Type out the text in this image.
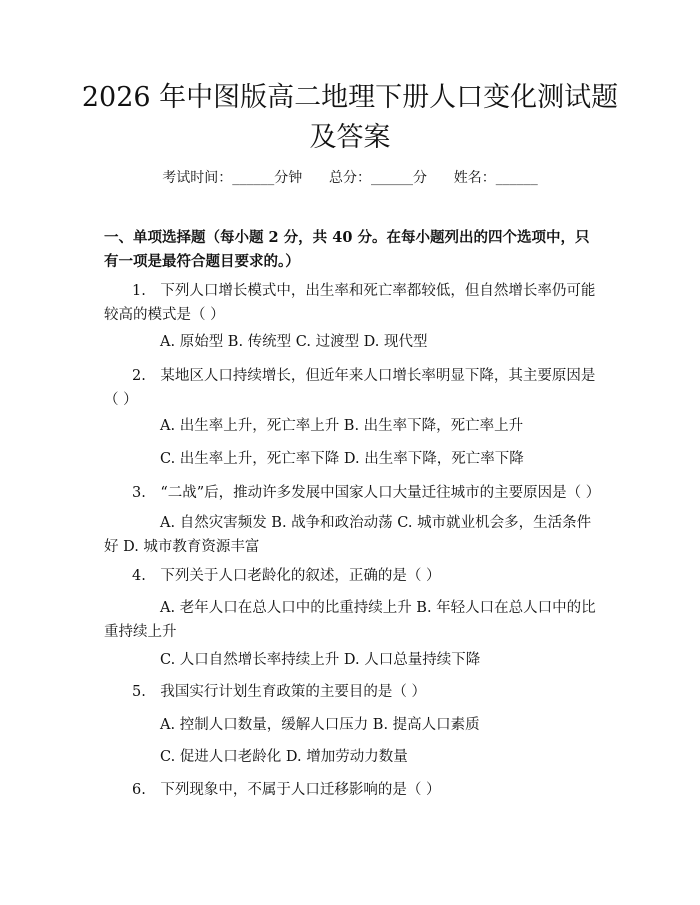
2026 年中图版高二地理下册人口变化测试题
及答案
考试时间：______分钟      总分：______分      姓名：______

一、单项选择题（每小题 2 分，共 40 分。在每小题列出的四个选项中，只有一项是最符合题目要求的。）

1.　下列人口增长模式中，出生率和死亡率都较低，但自然增长率仍可能较高的模式是（ ）

A. 原始型 B. 传统型 C. 过渡型 D. 现代型

2.　某地区人口持续增长，但近年来人口增长率明显下降，其主要原因是（ ）

A. 出生率上升，死亡率上升 B. 出生率下降，死亡率上升

C. 出生率上升，死亡率下降 D. 出生率下降，死亡率下降

3.　“二战”后，推动许多发展中国家人口大量迁往城市的主要原因是（ ）

A. 自然灾害频发 B. 战争和政治动荡 C. 城市就业机会多，生活条件好 D. 城市教育资源丰富

4.　下列关于人口老龄化的叙述，正确的是（ ）

A. 老年人口在总人口中的比重持续上升 B. 年轻人口在总人口中的比重持续上升

C. 人口自然增长率持续上升 D. 人口总量持续下降

5.　我国实行计划生育政策的主要目的是（ ）

A. 控制人口数量，缓解人口压力 B. 提高人口素质

C. 促进人口老龄化 D. 增加劳动力数量

6.　下列现象中，不属于人口迁移影响的是（ ）
